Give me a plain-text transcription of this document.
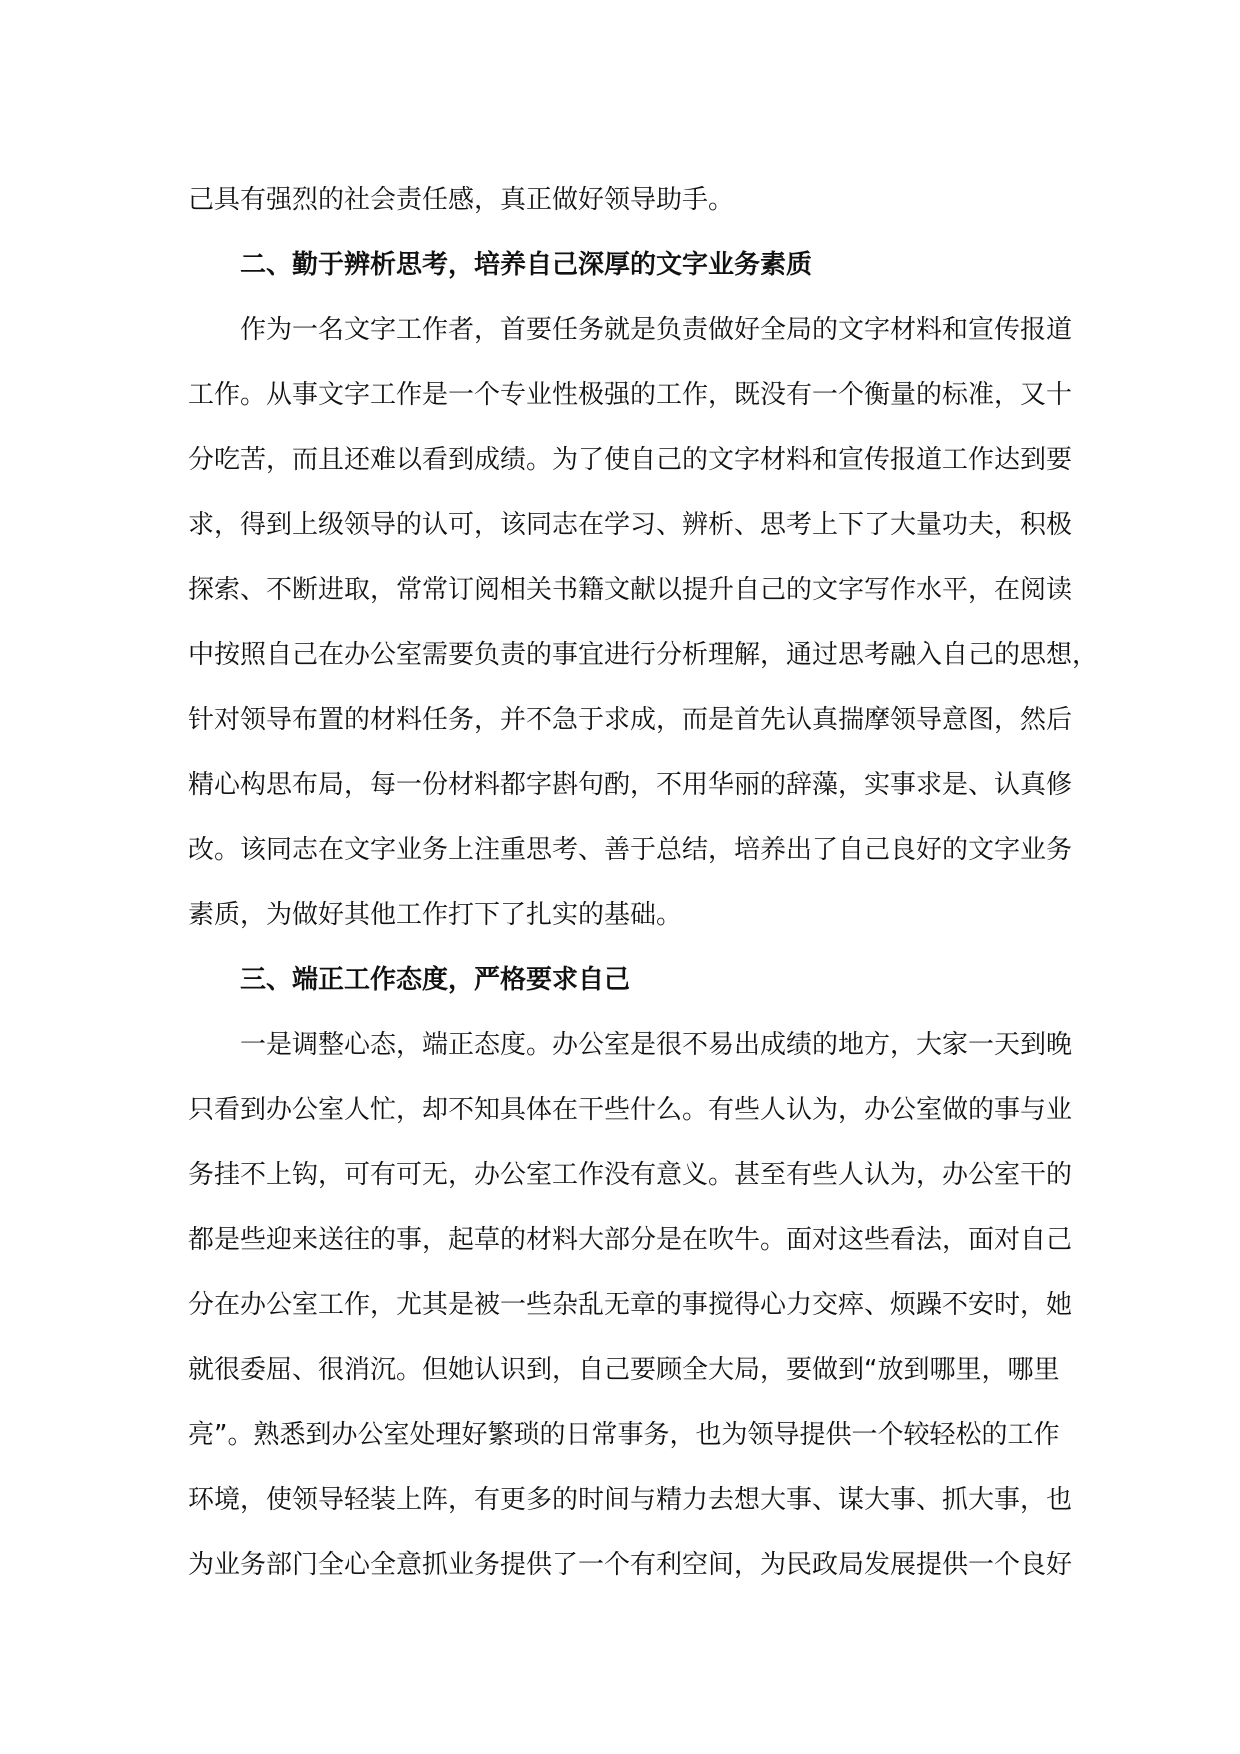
己具有强烈的社会责任感，真正做好领导助手。
二、勤于辨析思考，培养自己深厚的文字业务素质
作为一名文字工作者，首要任务就是负责做好全局的文字材料和宣传报道
工作。从事文字工作是一个专业性极强的工作，既没有一个衡量的标准，又十
分吃苦，而且还难以看到成绩。为了使自己的文字材料和宣传报道工作达到要
求，得到上级领导的认可，该同志在学习、辨析、思考上下了大量功夫，积极
探索、不断进取，常常订阅相关书籍文献以提升自己的文字写作水平，在阅读
中按照自己在办公室需要负责的事宜进行分析理解，通过思考融入自己的思想，
针对领导布置的材料任务，并不急于求成，而是首先认真揣摩领导意图，然后
精心构思布局，每一份材料都字斟句酌，不用华丽的辞藻，实事求是、认真修
改。该同志在文字业务上注重思考、善于总结，培养出了自己良好的文字业务
素质，为做好其他工作打下了扎实的基础。
三、端正工作态度，严格要求自己
一是调整心态，端正态度。办公室是很不易出成绩的地方，大家一天到晚
只看到办公室人忙，却不知具体在干些什么。有些人认为，办公室做的事与业
务挂不上钩，可有可无，办公室工作没有意义。甚至有些人认为，办公室干的
都是些迎来送往的事，起草的材料大部分是在吹牛。面对这些看法，面对自己
分在办公室工作，尤其是被一些杂乱无章的事搅得心力交瘁、烦躁不安时，她
就很委屈、很消沉。但她认识到，自己要顾全大局，要做到“放到哪里，哪里
亮”。熟悉到办公室处理好繁琐的日常事务，也为领导提供一个较轻松的工作
环境，使领导轻装上阵，有更多的时间与精力去想大事、谋大事、抓大事，也
为业务部门全心全意抓业务提供了一个有利空间，为民政局发展提供一个良好
